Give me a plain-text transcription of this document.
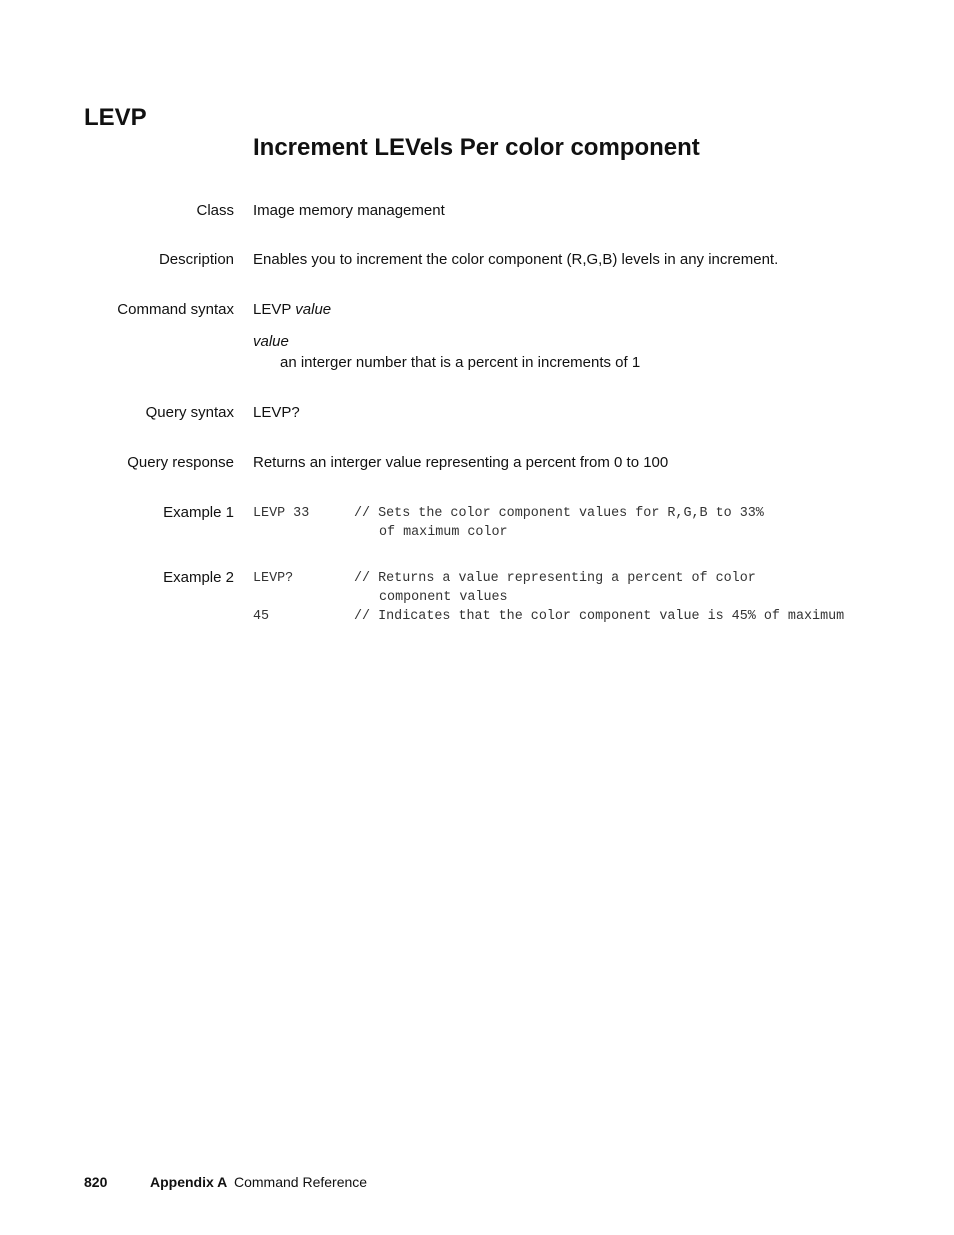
LEVP
Increment LEVels Per color component
Class Image memory management
Description Enables you to increment the color component (R,G,B) levels in any increment.
Command syntax LEVP value
value
an interger number that is a percent in increments of 1
Query syntax LEVP?
Query response Returns an interger value representing a percent from 0 to 100
Example 1 LEVP 33	// Sets the color component values for R,G,B to 33%
of maximum color
Example 2 LEVP?	// Returns a value representing a percent of color
component values
45	// Indicates that the color component value is 45% of maximum
820	Appendix A Command Reference
